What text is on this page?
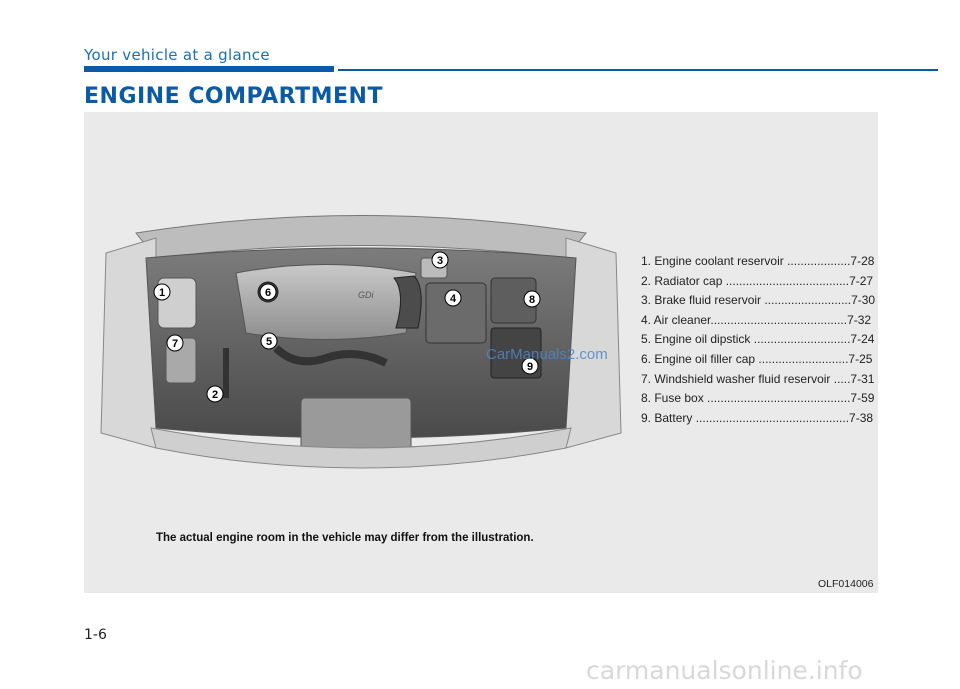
Your vehicle at a glance
ENGINE COMPARTMENT
GDi
1
2
3
4
5
6
7
8
9
CarManuals2.com
1. Engine coolant reservoir ...................7-28
2. Radiator cap .....................................7-27
3. Brake fluid reservoir ..........................7-30
4. Air cleaner.........................................7-32
5. Engine oil dipstick .............................7-24
6. Engine oil filler cap ...........................7-25
7. Windshield washer fluid reservoir .....7-31
8. Fuse box ...........................................7-59
9. Battery ..............................................7-38
The actual engine room in the vehicle may differ from the illustration.
OLF014006
1-6
carmanualsonline.info
